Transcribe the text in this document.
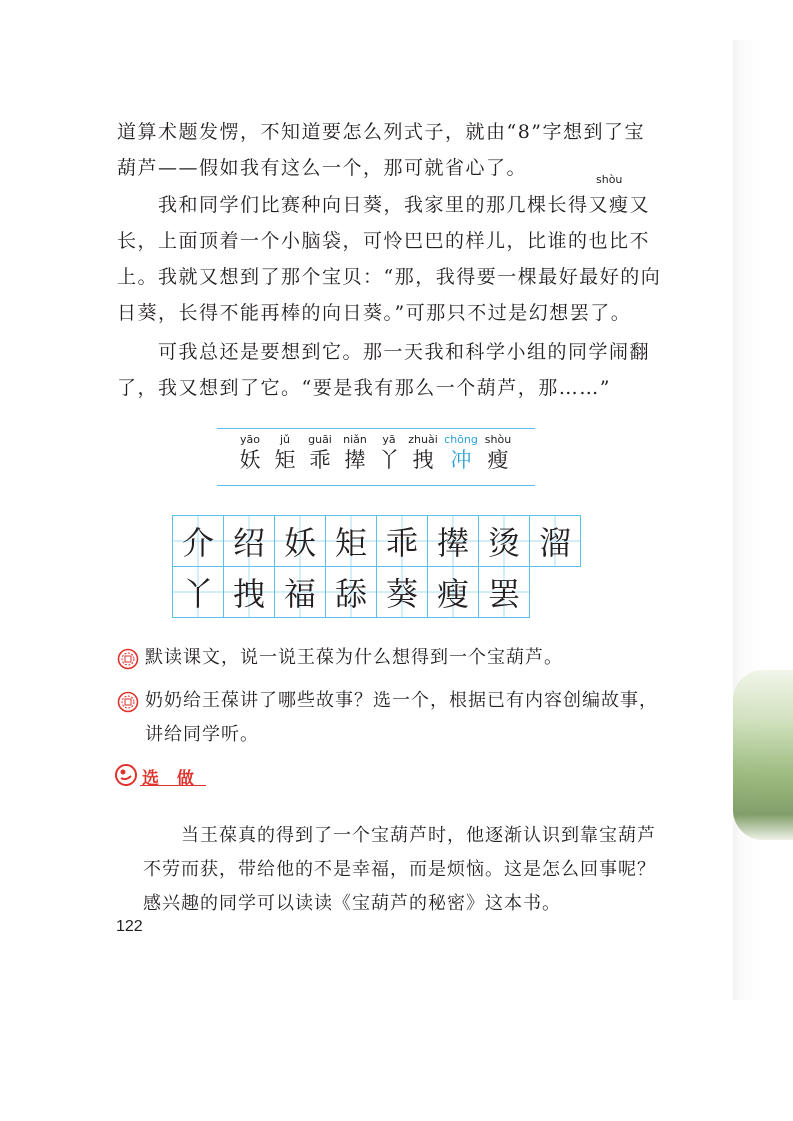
道算术题发愣，不知道要怎么列式子，就由“8”字想到了宝

葫芦——假如我有这么一个，那可就省心了。

shòu

　　我和同学们比赛种向日葵，我家里的那几棵长得又瘦又

长，上面顶着一个小脑袋，可怜巴巴的样儿，比谁的也比不

上。我就又想到了那个宝贝：“那，我得要一棵最好最好的向

日葵，长得不能再棒的向日葵。”可那只不过是幻想罢了。

　　可我总还是要想到它。那一天我和科学小组的同学闹翻

了，我又想到了它。“要是我有那么一个葫芦，那……”

yāo
妖
jǔ
矩
guāi
乖
niǎn
撵
yā
丫
zhuài
拽
chōng
冲
shòu
瘦
介 绍 妖 矩 乖 撵 烫 溜
丫 拽 福 舔 葵 瘦 罢
默读课文，说一说王葆为什么想得到一个宝葫芦。
奶奶给王葆讲了哪些故事？选一个，根据已有内容创编故事，
讲给同学听。
选 做

　　当王葆真的得到了一个宝葫芦时，他逐渐认识到靠宝葫芦

不劳而获，带给他的不是幸福，而是烦恼。这是怎么回事呢？

感兴趣的同学可以读读《宝葫芦的秘密》这本书。

122
